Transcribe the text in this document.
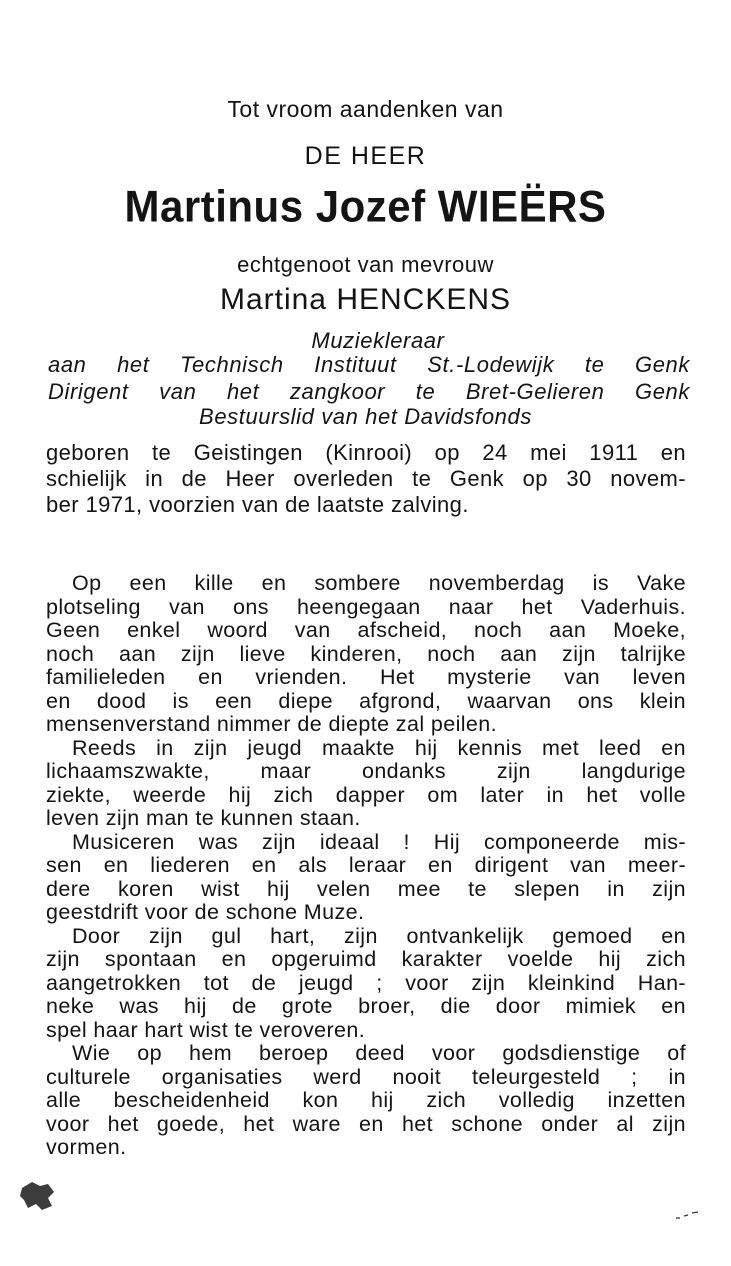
Tot vroom aandenken van
DE HEER
Martinus Jozef WIEËRS
echtgenoot van mevrouw
Martina HENCKENS
Muziekleraar
aan het Technisch Instituut St.-Lodewijk te Genk
Dirigent van het zangkoor te Bret-Gelieren Genk
Bestuurslid van het Davidsfonds
geboren te Geistingen (Kinrooi) op 24 mei 1911 en
schielijk in de Heer overleden te Genk op 30 novem-
ber 1971, voorzien van de laatste zalving.
Op een kille en sombere novemberdag is Vake
plotseling van ons heengegaan naar het Vaderhuis.
Geen enkel woord van afscheid, noch aan Moeke,
noch aan zijn lieve kinderen, noch aan zijn talrijke
familieleden en vrienden. Het mysterie van leven
en dood is een diepe afgrond, waarvan ons klein
mensenverstand nimmer de diepte zal peilen.
Reeds in zijn jeugd maakte hij kennis met leed en
lichaamszwakte, maar ondanks zijn langdurige
ziekte, weerde hij zich dapper om later in het volle
leven zijn man te kunnen staan.
Musiceren was zijn ideaal ! Hij componeerde mis-
sen en liederen en als leraar en dirigent van meer-
dere koren wist hij velen mee te slepen in zijn
geestdrift voor de schone Muze.
Door zijn gul hart, zijn ontvankelijk gemoed en
zijn spontaan en opgeruimd karakter voelde hij zich
aangetrokken tot de jeugd ; voor zijn kleinkind Han-
neke was hij de grote broer, die door mimiek en
spel haar hart wist te veroveren.
Wie op hem beroep deed voor godsdienstige of
culturele organisaties werd nooit teleurgesteld ; in
alle bescheidenheid kon hij zich volledig inzetten
voor het goede, het ware en het schone onder al zijn
vormen.
